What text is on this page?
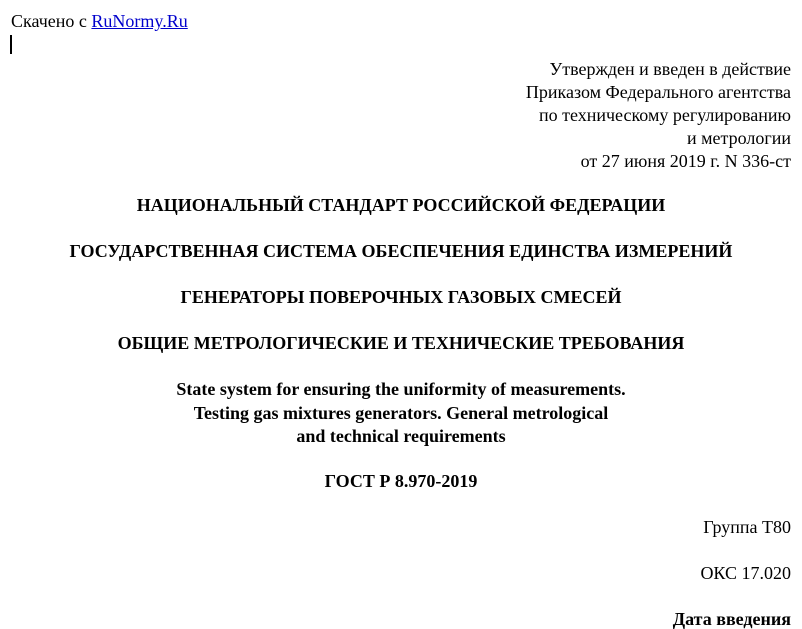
Скачено с RuNormy.Ru
Утвержден и введен в действие
Приказом Федерального агентства
по техническому регулированию
и метрологии
от 27 июня 2019 г. N 336-ст
НАЦИОНАЛЬНЫЙ СТАНДАРТ РОССИЙСКОЙ ФЕДЕРАЦИИ
ГОСУДАРСТВЕННАЯ СИСТЕМА ОБЕСПЕЧЕНИЯ ЕДИНСТВА ИЗМЕРЕНИЙ
ГЕНЕРАТОРЫ ПОВЕРОЧНЫХ ГАЗОВЫХ СМЕСЕЙ
ОБЩИЕ МЕТРОЛОГИЧЕСКИЕ И ТЕХНИЧЕСКИЕ ТРЕБОВАНИЯ
State system for ensuring the uniformity of measurements.
Testing gas mixtures generators. General metrological
and technical requirements
ГОСТ Р 8.970-2019
Группа Т80
ОКС 17.020
Дата введения
